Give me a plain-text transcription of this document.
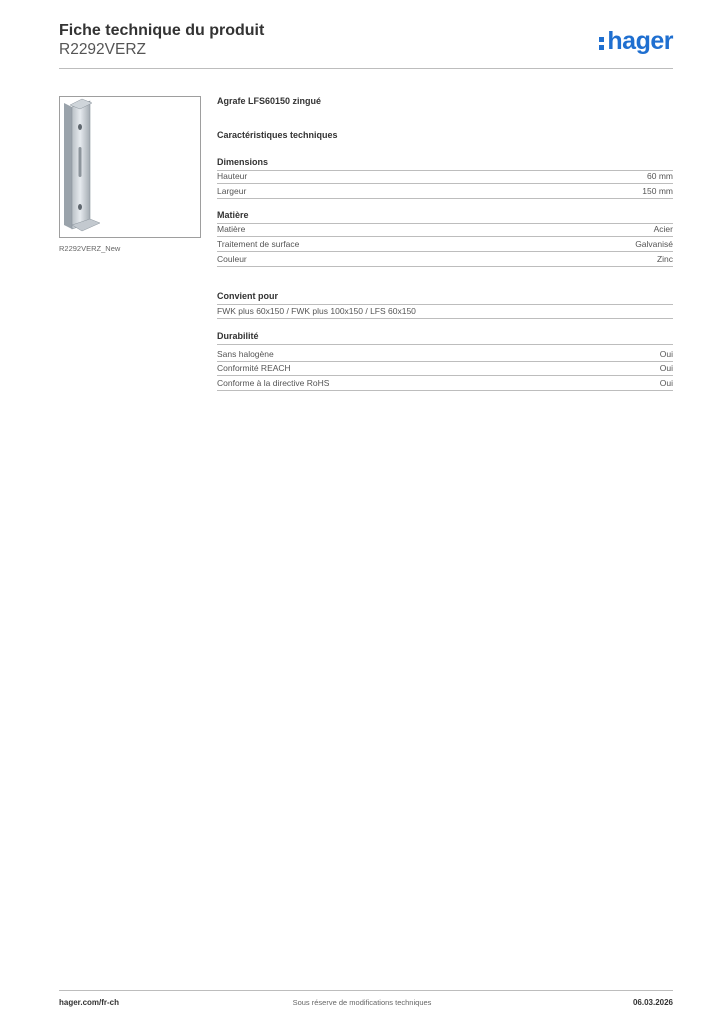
Fiche technique du produit
R2292VERZ	hager
R2292VERZ_New
Agrafe LFS60150 zingué
Caractéristiques techniques
Dimensions
Hauteur	60 mm
Largeur	150 mm
Matière
Matière	Acier
Traitement de surface	Galvanisé
Couleur	Zinc
Convient pour
FWK plus 60x150 / FWK plus 100x150 / LFS 60x150
Durabilité
Sans halogène	Oui
Conformité REACH	Oui
Conforme à la directive RoHS	Oui
Sous réserve de modifications techniques
hager.com/fr-ch	06.03.2026
